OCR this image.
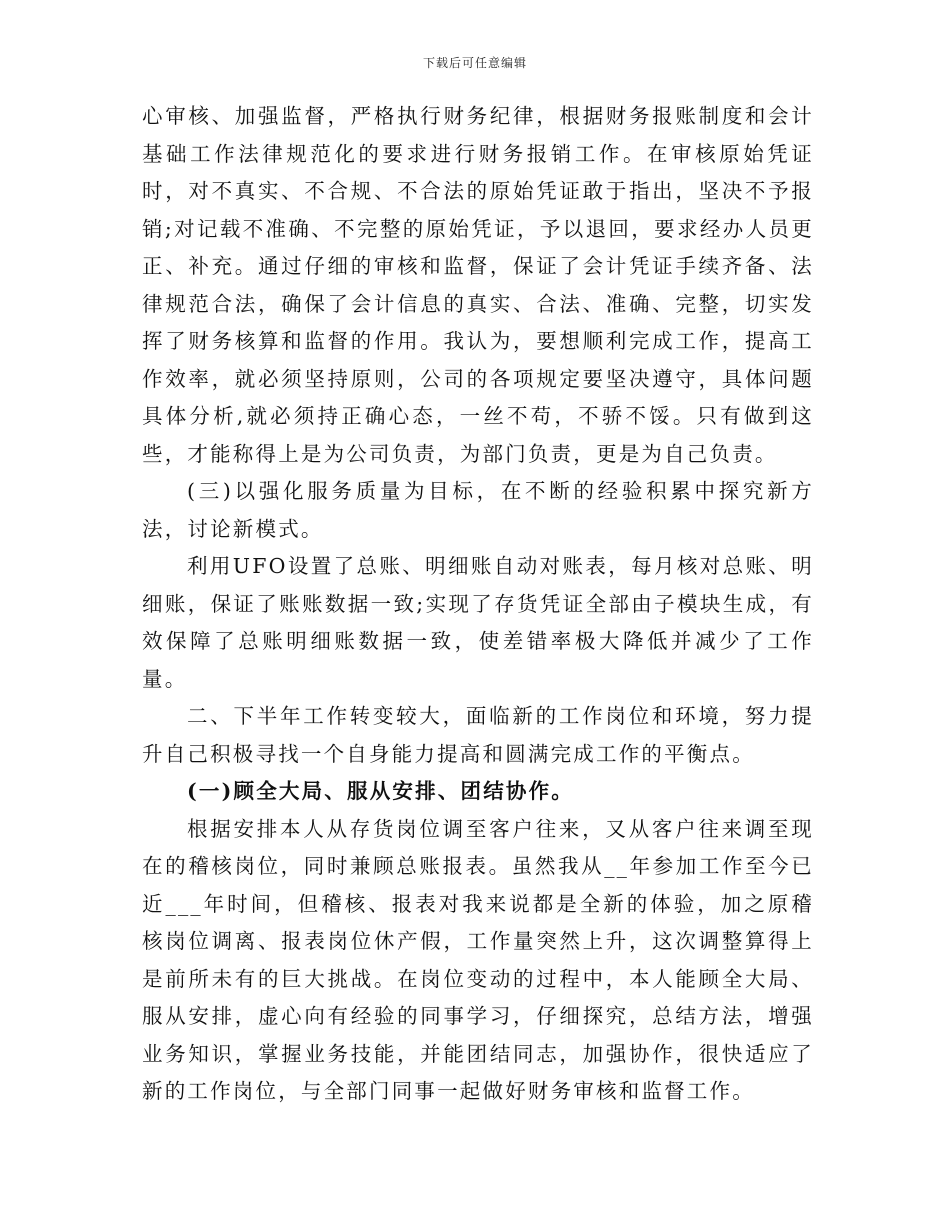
下载后可任意编辑

心审核、加强监督，严格执行财务纪律，根据财务报账制度和会计基础工作法律规范化的要求进行财务报销工作。在审核原始凭证时，对不真实、不合规、不合法的原始凭证敢于指出，坚决不予报销;对记载不准确、不完整的原始凭证，予以退回，要求经办人员更正、补充。通过仔细的审核和监督，保证了会计凭证手续齐备、法律规范合法，确保了会计信息的真实、合法、准确、完整，切实发挥了财务核算和监督的作用。我认为，要想顺利完成工作，提高工作效率，就必须坚持原则，公司的各项规定要坚决遵守，具体问题具体分析,就必须持正确心态，一丝不苟，不骄不馁。只有做到这些，才能称得上是为公司负责，为部门负责，更是为自己负责。

(三)以强化服务质量为目标，在不断的经验积累中探究新方法，讨论新模式。

利用UFO设置了总账、明细账自动对账表，每月核对总账、明细账，保证了账账数据一致;实现了存货凭证全部由子模块生成，有效保障了总账明细账数据一致，使差错率极大降低并减少了工作量。

二、下半年工作转变较大，面临新的工作岗位和环境，努力提升自己积极寻找一个自身能力提高和圆满完成工作的平衡点。

(一)顾全大局、服从安排、团结协作。

根据安排本人从存货岗位调至客户往来，又从客户往来调至现在的稽核岗位，同时兼顾总账报表。虽然我从__年参加工作至今已近___年时间，但稽核、报表对我来说都是全新的体验，加之原稽核岗位调离、报表岗位休产假，工作量突然上升，这次调整算得上是前所未有的巨大挑战。在岗位变动的过程中，本人能顾全大局、服从安排，虚心向有经验的同事学习，仔细探究，总结方法，增强业务知识，掌握业务技能，并能团结同志，加强协作，很快适应了新的工作岗位，与全部门同事一起做好财务审核和监督工作。
